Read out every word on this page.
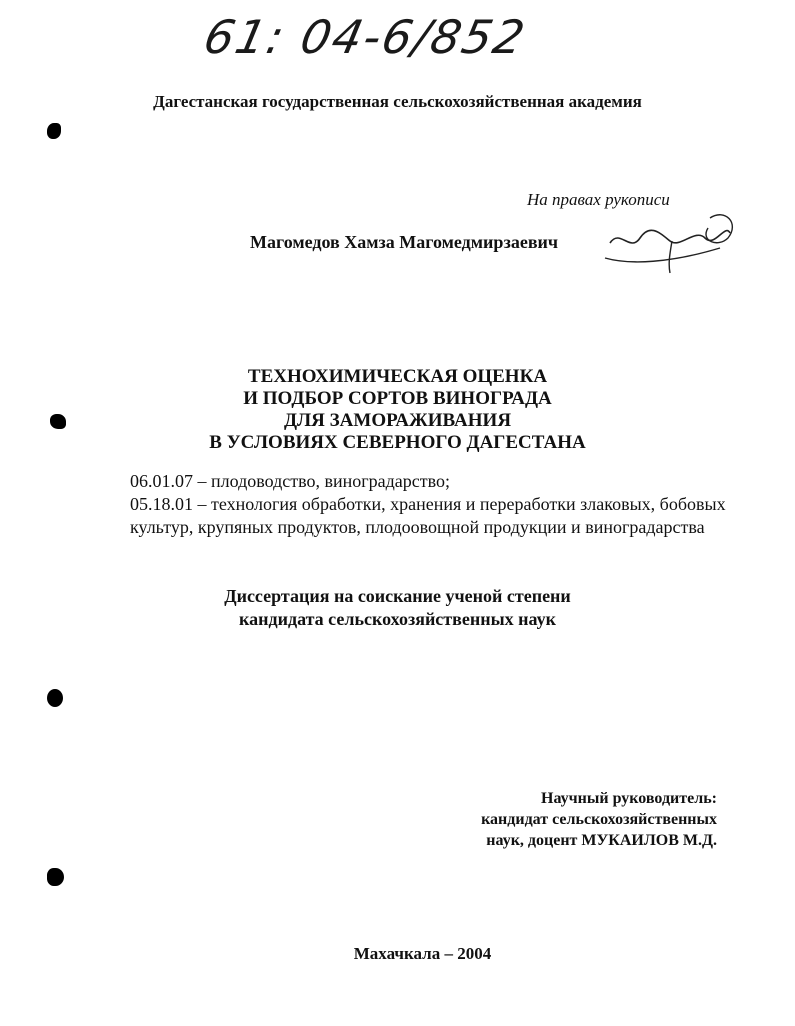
61: 04-6/852
Дагестанская государственная сельскохозяйственная академия
На правах рукописи
Магомедов Хамза Магомедмирзаевич
ТЕХНОХИМИЧЕСКАЯ ОЦЕНКА
И ПОДБОР СОРТОВ ВИНОГРАДА
ДЛЯ ЗАМОРАЖИВАНИЯ
В УСЛОВИЯХ СЕВЕРНОГО ДАГЕСТАНА

06.01.07 – плодоводство, виноградарство;

05.18.01 – технология обработки, хранения и переработки злаковых, бобовых культур, крупяных продуктов, плодоовощной продукции и виноградарства

Диссертация на соискание ученой степени
кандидата сельскохозяйственных наук
Научный руководитель:
кандидат сельскохозяйственных
наук, доцент МУКАИЛОВ М.Д.
Махачкала – 2004
